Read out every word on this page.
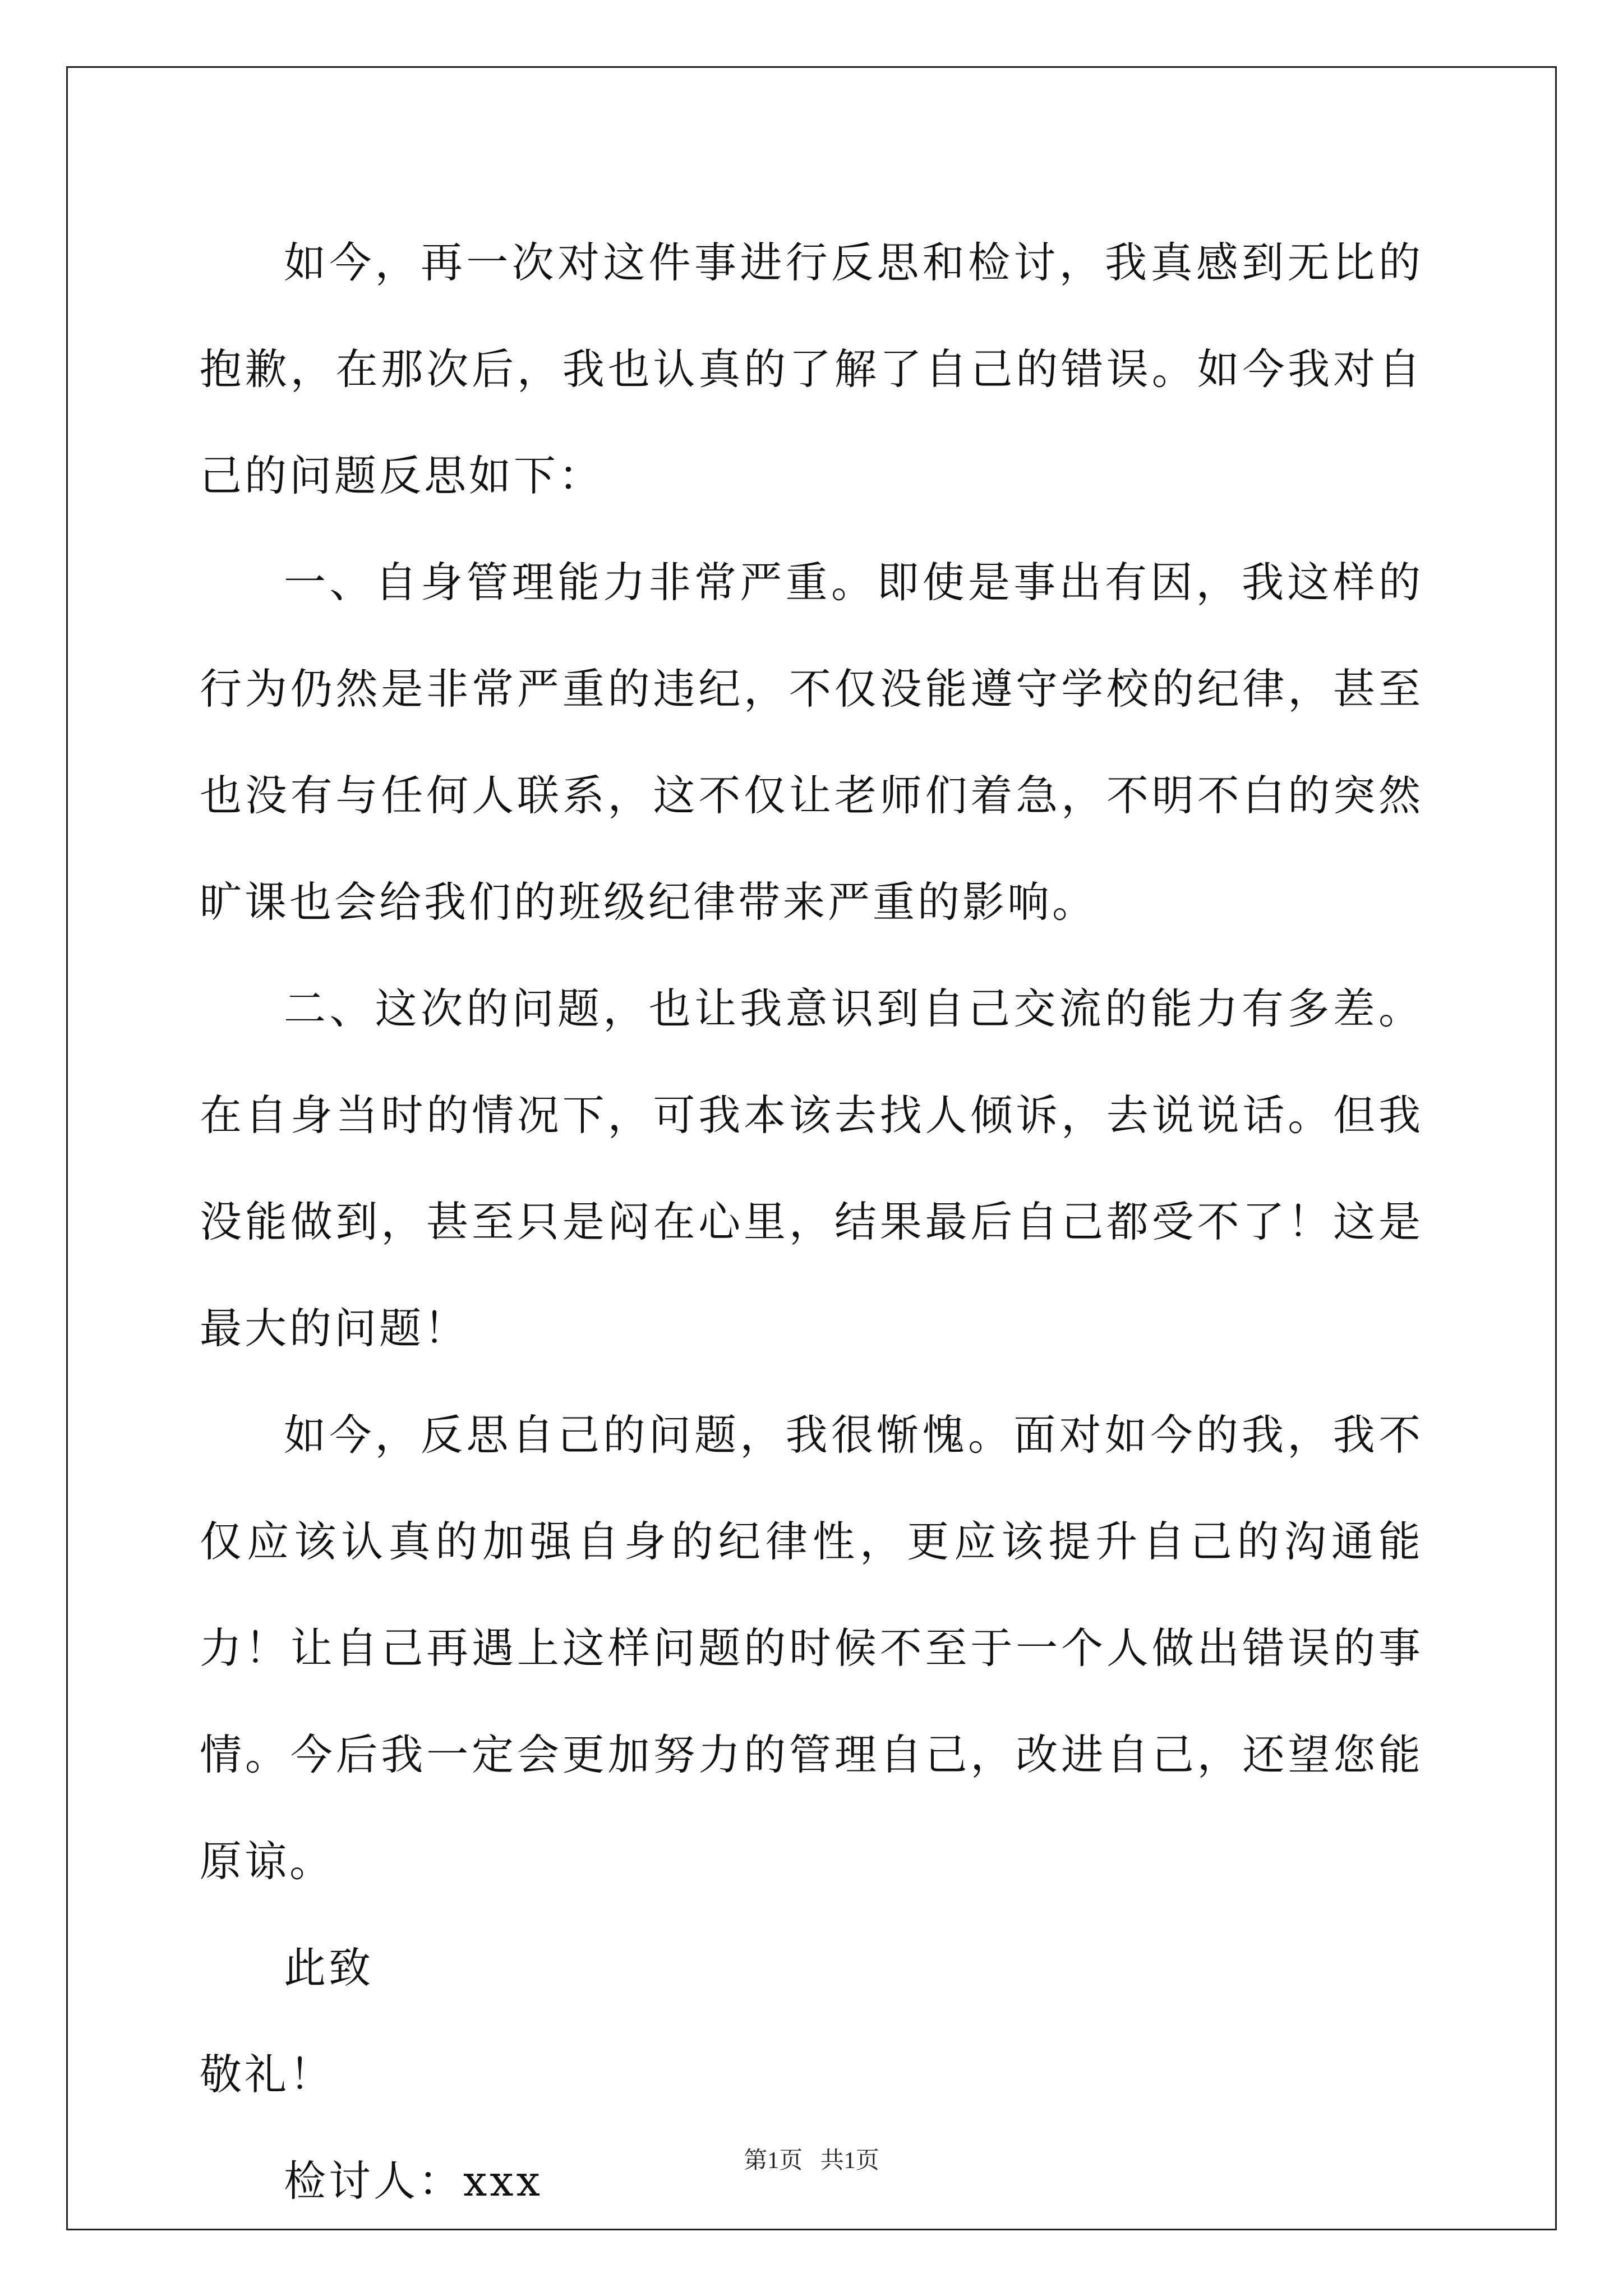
如今，再一次对这件事进行反思和检讨，我真感到无比的抱歉，在那次后，我也认真的了解了自己的错误。如今我对自己的问题反思如下：

一、自身管理能力非常严重。即使是事出有因，我这样的行为仍然是非常严重的违纪，不仅没能遵守学校的纪律，甚至也没有与任何人联系，这不仅让老师们着急，不明不白的突然旷课也会给我们的班级纪律带来严重的影响。

二、这次的问题，也让我意识到自己交流的能力有多差。在自身当时的情况下，可我本该去找人倾诉，去说说话。但我没能做到，甚至只是闷在心里，结果最后自己都受不了！这是最大的问题！

如今，反思自己的问题，我很惭愧。面对如今的我，我不仅应该认真的加强自身的纪律性，更应该提升自己的沟通能力！让自己再遇上这样问题的时候不至于一个人做出错误的事情。今后我一定会更加努力的管理自己，改进自己，还望您能原谅。

此致

敬礼！

检讨人：xxx	第1页   共1页
